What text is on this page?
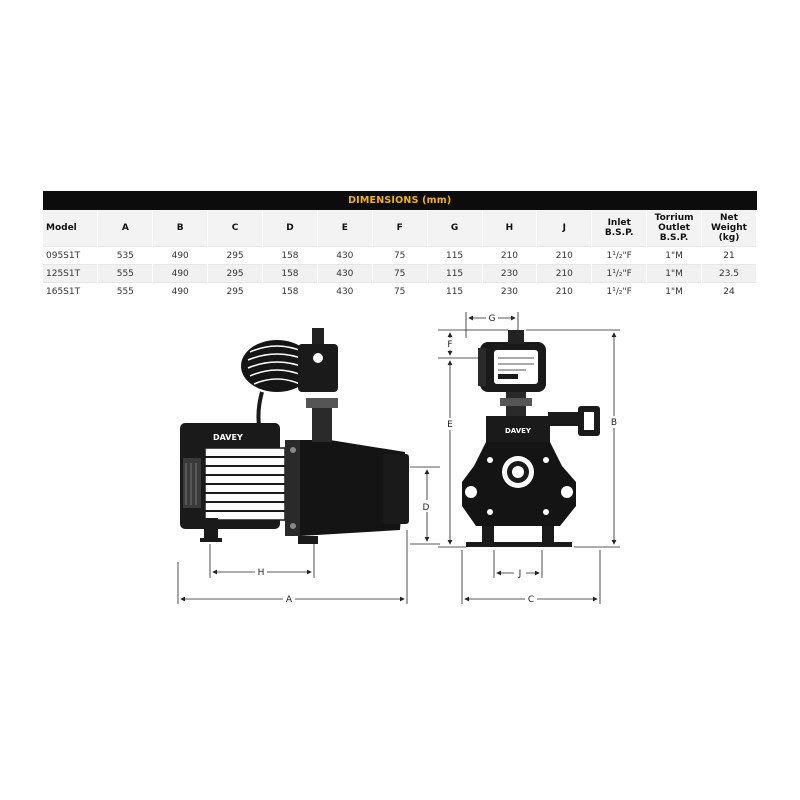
DIMENSIONS (mm)												
Model	A	B	C	D	E	F	G	H	J	Inlet B.S.P.	Torrium Outlet B.S.P.	Net Weight (kg)
095S1T	535	490	295	158	430	75	115	210	210	1¹/₂"F	1"M	21
125S1T	555	490	295	158	430	75	115	230	210	1¹/₂"F	1"M	23.5
165S1T	555	490	295	158	430	75	115	230	210	1¹/₂"F	1"M	24
DAVEY
A
H
D
DAVEY
G
F
E	B
J
C
